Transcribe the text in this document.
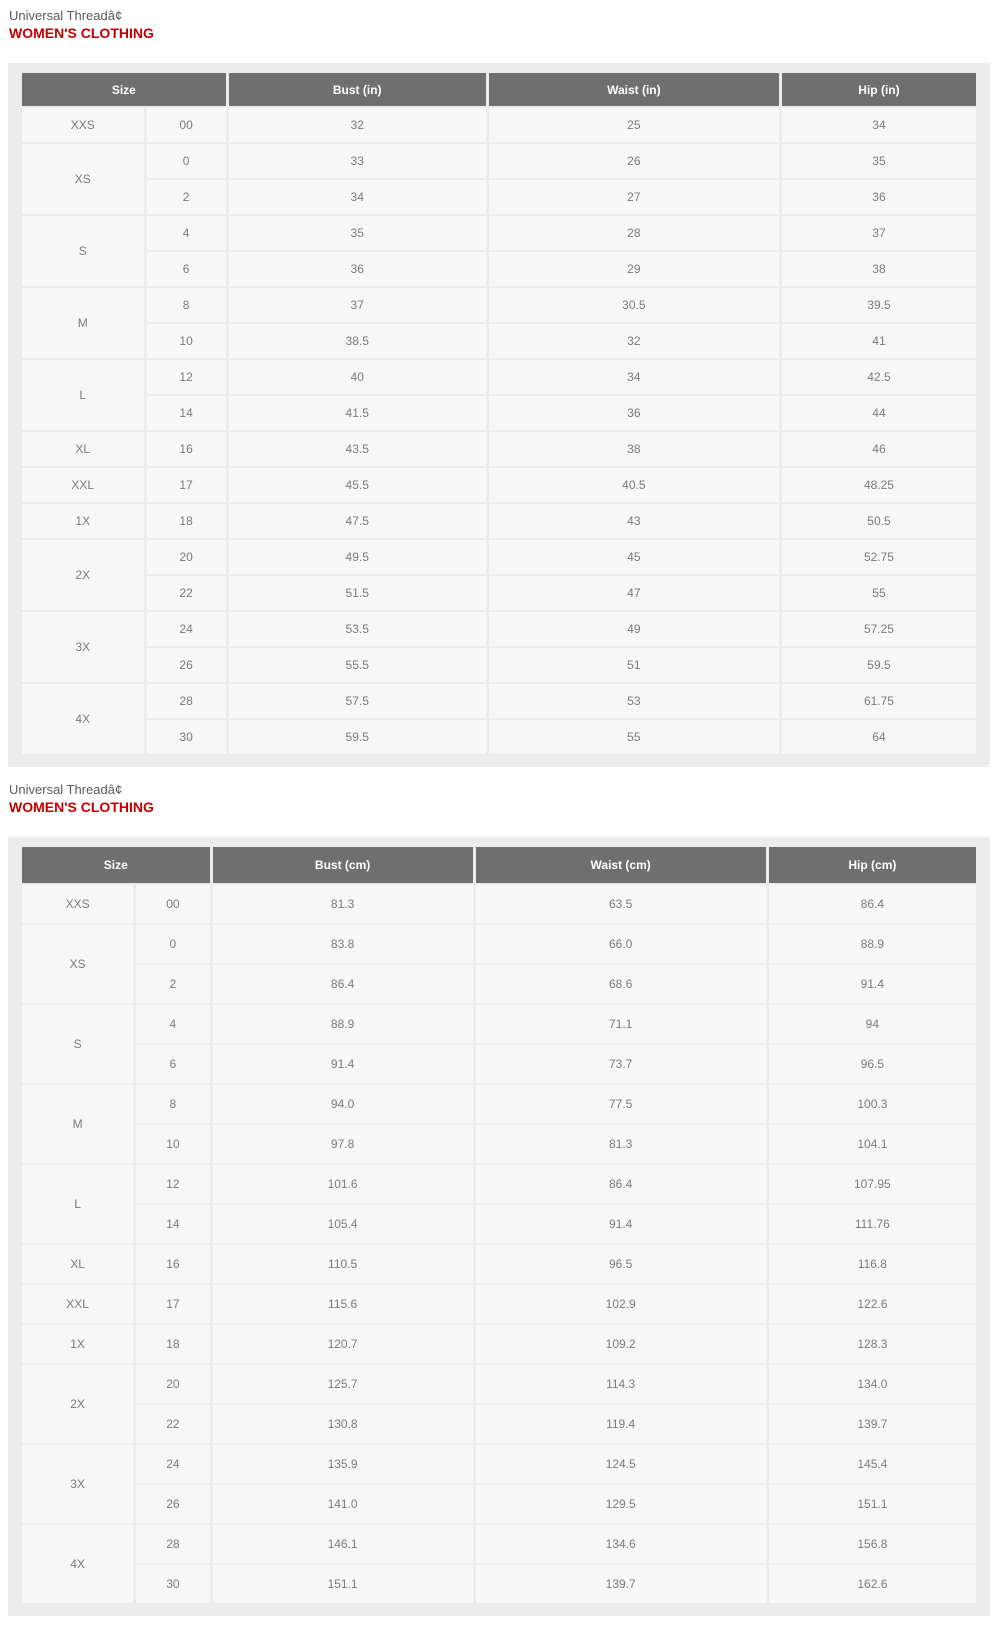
Universal Threadâ¢
WOMEN'S CLOTHING
Size		Bust (in)	Waist (in)	Hip (in)
XXS	00	32	25	34
XS	0	33	26	35
	2	34	27	36
S	4	35	28	37
	6	36	29	38
M	8	37	30.5	39.5
	10	38.5	32	41
L	12	40	34	42.5
	14	41.5	36	44
XL	16	43.5	38	46
XXL	17	45.5	40.5	48.25
1X	18	47.5	43	50.5
2X	20	49.5	45	52.75
	22	51.5	47	55
3X	24	53.5	49	57.25
	26	55.5	51	59.5
4X	28	57.5	53	61.75
	30	59.5	55	64
Universal Threadâ¢
WOMEN'S CLOTHING
Size		Bust (cm)	Waist (cm)	Hip (cm)
XXS	00	81.3	63.5	86.4
XS	0	83.8	66.0	88.9
	2	86.4	68.6	91.4
S	4	88.9	71.1	94
	6	91.4	73.7	96.5
M	8	94.0	77.5	100.3
	10	97.8	81.3	104.1
L	12	101.6	86.4	107.95
	14	105.4	91.4	111.76
XL	16	110.5	96.5	116.8
XXL	17	115.6	102.9	122.6
1X	18	120.7	109.2	128.3
2X	20	125.7	114.3	134.0
	22	130.8	119.4	139.7
3X	24	135.9	124.5	145.4
	26	141.0	129.5	151.1
4X	28	146.1	134.6	156.8
	30	151.1	139.7	162.6
